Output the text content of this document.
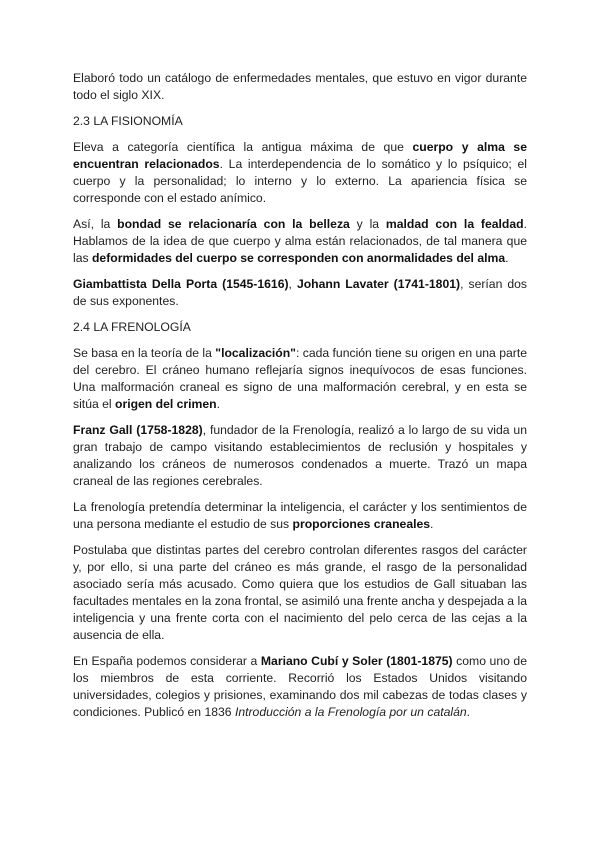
Elaboró todo un catálogo de enfermedades mentales, que estuvo en vigor durante todo el siglo XIX.

2.3 LA FISIONOMÍA

Eleva a categoría científica la antigua máxima de que cuerpo y alma se encuentran relacionados. La interdependencia de lo somático y lo psíquico; el cuerpo y la personalidad; lo interno y lo externo. La apariencia física se corresponde con el estado anímico.

Así, la bondad se relacionaría con la belleza y la maldad con la fealdad. Hablamos de la idea de que cuerpo y alma están relacionados, de tal manera que las deformidades del cuerpo se corresponden con anormalidades del alma.

Giambattista Della Porta (1545-1616), Johann Lavater (1741-1801), serían dos de sus exponentes.

2.4 LA FRENOLOGÍA

Se basa en la teoría de la "localización": cada función tiene su origen en una parte del cerebro. El cráneo humano reflejaría signos inequívocos de esas funciones. Una malformación craneal es signo de una malformación cerebral, y en esta se sitúa el origen del crimen.

Franz Gall (1758-1828), fundador de la Frenología, realizó a lo largo de su vida un gran trabajo de campo visitando establecimientos de reclusión y hospitales y analizando los cráneos de numerosos condenados a muerte. Trazó un mapa craneal de las regiones cerebrales.

La frenología pretendía determinar la inteligencia, el carácter y los sentimientos de una persona mediante el estudio de sus proporciones craneales.

Postulaba que distintas partes del cerebro controlan diferentes rasgos del carácter y, por ello, si una parte del cráneo es más grande, el rasgo de la personalidad asociado sería más acusado. Como quiera que los estudios de Gall situaban las facultades mentales en la zona frontal, se asimiló una frente ancha y despejada a la inteligencia y una frente corta con el nacimiento del pelo cerca de las cejas a la ausencia de ella.

En España podemos considerar a Mariano Cubí y Soler (1801-1875) como uno de los miembros de esta corriente. Recorrió los Estados Unidos visitando universidades, colegios y prisiones, examinando dos mil cabezas de todas clases y condiciones. Publicó en 1836 Introducción a la Frenología por un catalán.
